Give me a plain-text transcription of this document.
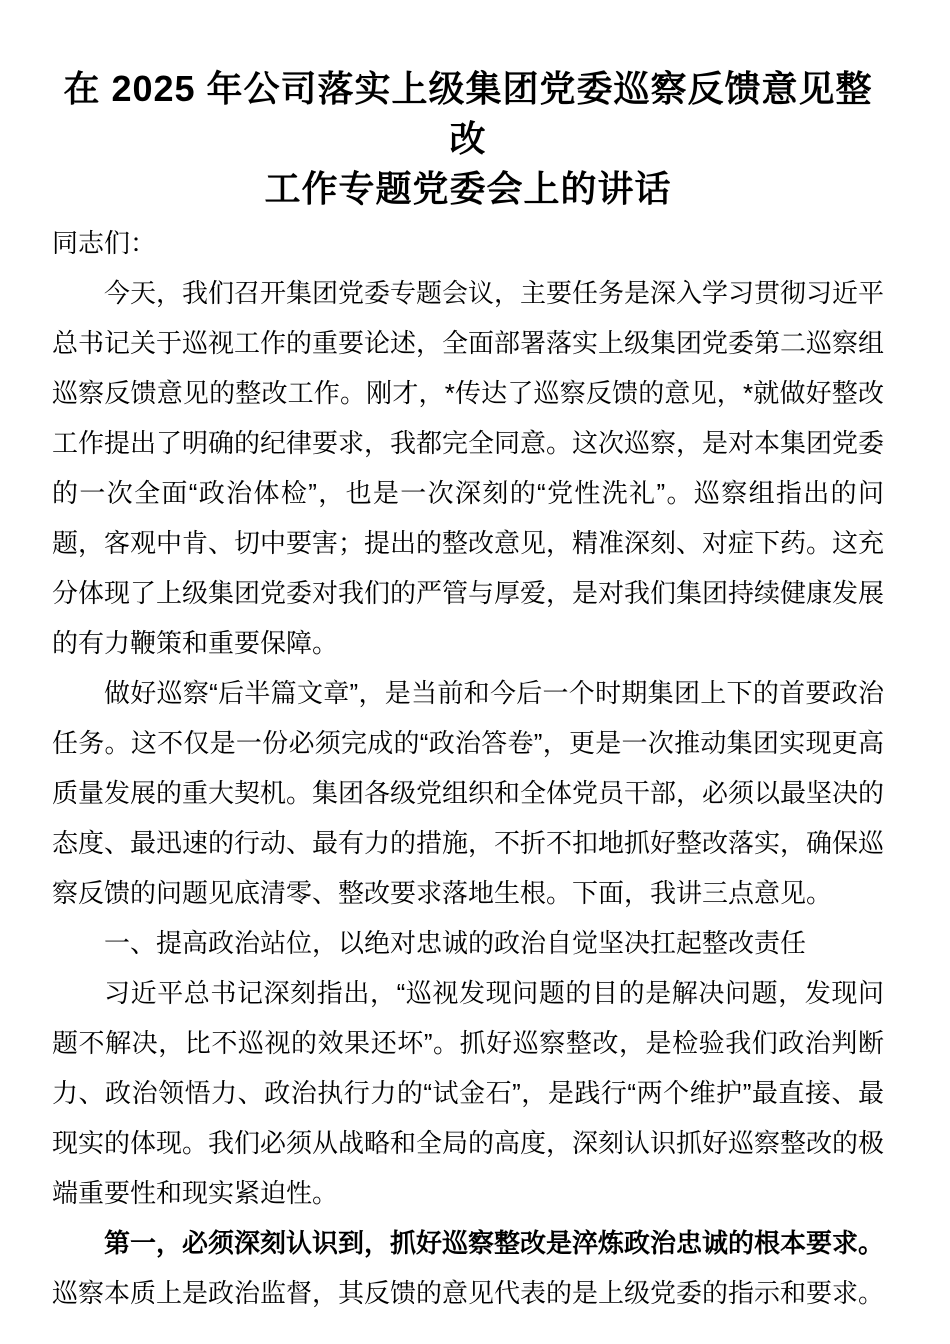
在 2025 年公司落实上级集团党委巡察反馈意见整改
工作专题党委会上的讲话

同志们：

今天，我们召开集团党委专题会议，主要任务是深入学习贯彻习近平总书记关于巡视工作的重要论述，全面部署落实上级集团党委第二巡察组巡察反馈意见的整改工作。刚才，*传达了巡察反馈的意见，*就做好整改工作提出了明确的纪律要求，我都完全同意。这次巡察，是对本集团党委的一次全面“政治体检”，也是一次深刻的“党性洗礼”。巡察组指出的问题，客观中肯、切中要害；提出的整改意见，精准深刻、对症下药。这充分体现了上级集团党委对我们的严管与厚爱，是对我们集团持续健康发展的有力鞭策和重要保障。

做好巡察“后半篇文章”，是当前和今后一个时期集团上下的首要政治任务。这不仅是一份必须完成的“政治答卷”，更是一次推动集团实现更高质量发展的重大契机。集团各级党组织和全体党员干部，必须以最坚决的态度、最迅速的行动、最有力的措施，不折不扣地抓好整改落实，确保巡察反馈的问题见底清零、整改要求落地生根。下面，我讲三点意见。

一、提高政治站位，以绝对忠诚的政治自觉坚决扛起整改责任

习近平总书记深刻指出，“巡视发现问题的目的是解决问题，发现问题不解决，比不巡视的效果还坏”。抓好巡察整改，是检验我们政治判断力、政治领悟力、政治执行力的“试金石”，是践行“两个维护”最直接、最现实的体现。我们必须从战略和全局的高度，深刻认识抓好巡察整改的极端重要性和现实紧迫性。

第一，必须深刻认识到，抓好巡察整改是淬炼政治忠诚的根本要求。巡察本质上是政治监督，其反馈的意见代表的是上级党委的指示和要求。
